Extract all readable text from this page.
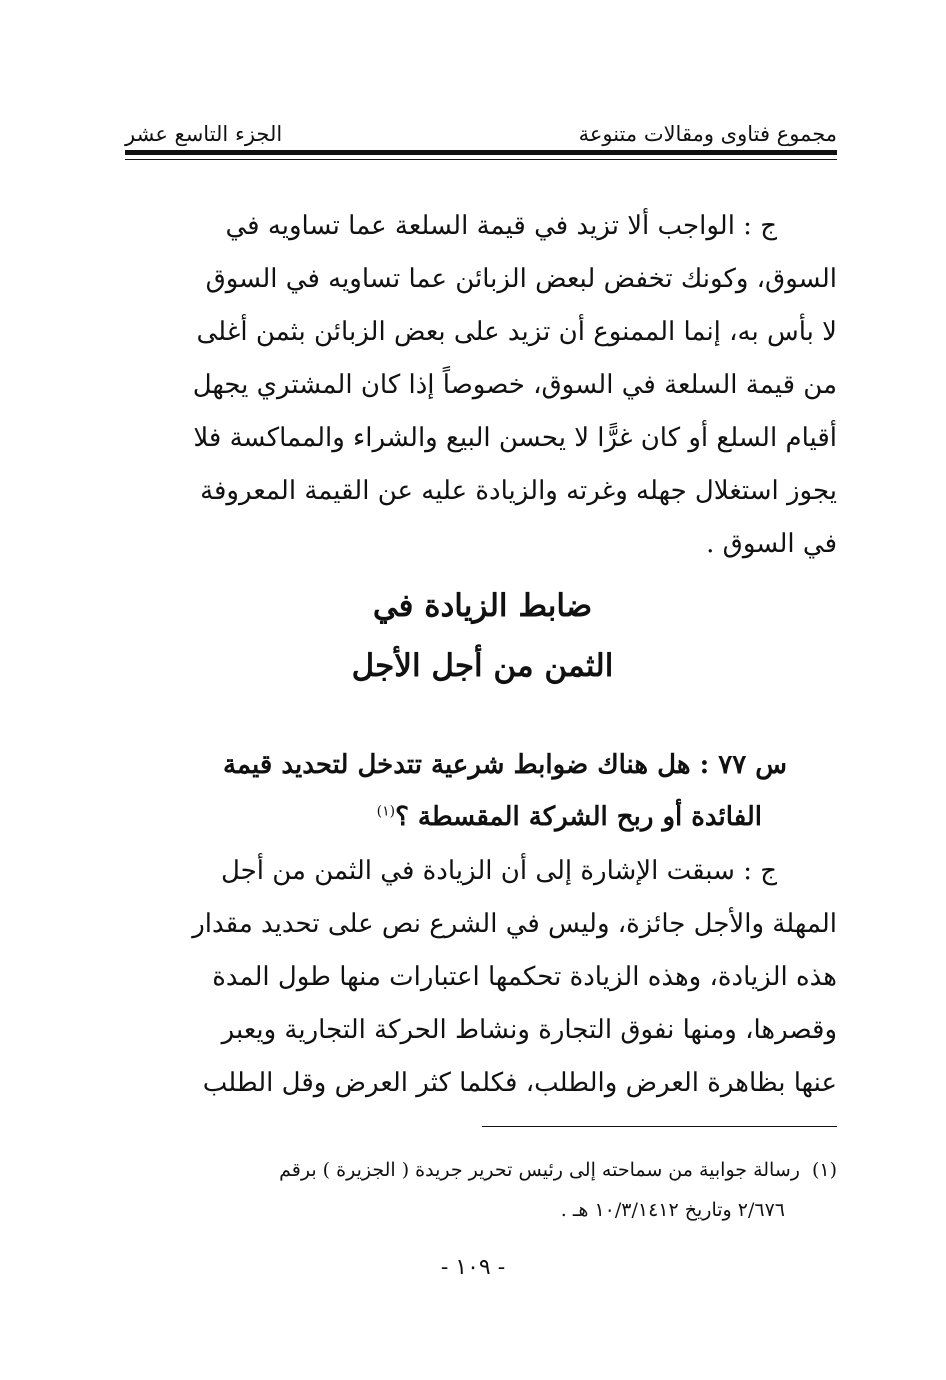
مجموع فتاوى ومقالات متنوعة
الجزء التاسع عشر

ج : الواجب ألا تزيد في قيمة السلعة عما تساويه في
السوق، وكونك تخفض لبعض الزبائن عما تساويه في السوق
لا بأس به، إنما الممنوع أن تزيد على بعض الزبائن بثمن أغلى
من قيمة السلعة في السوق، خصوصاً إذا كان المشتري يجهل
أقيام السلع أو كان غرًّا لا يحسن البيع والشراء والمماكسة فلا
يجوز استغلال جهله وغرته والزيادة عليه عن القيمة المعروفة
في السوق .

ضابط الزيادة في
الثمن من أجل الأجل

س ٧٧ : هل هناك ضوابط شرعية تتدخل لتحديد قيمة
الفائدة أو ربح الشركة المقسطة ؟$^{(١)}$

ج : سبقت الإشارة إلى أن الزيادة في الثمن من أجل
المهلة والأجل جائزة، وليس في الشرع نص على تحديد مقدار
هذه الزيادة، وهذه الزيادة تحكمها اعتبارات منها طول المدة
وقصرها، ومنها نفوق التجارة ونشاط الحركة التجارية ويعبر
عنها بظاهرة العرض والطلب، فكلما كثر العرض وقل الطلب

(١)رسالة جوابية من سماحته إلى رئيس تحرير جريدة ( الجزيرة ) برقم
٢/٦٧٦ وتاريخ ١٠/٣/١٤١٢ هـ .

- ١٠٩ -
